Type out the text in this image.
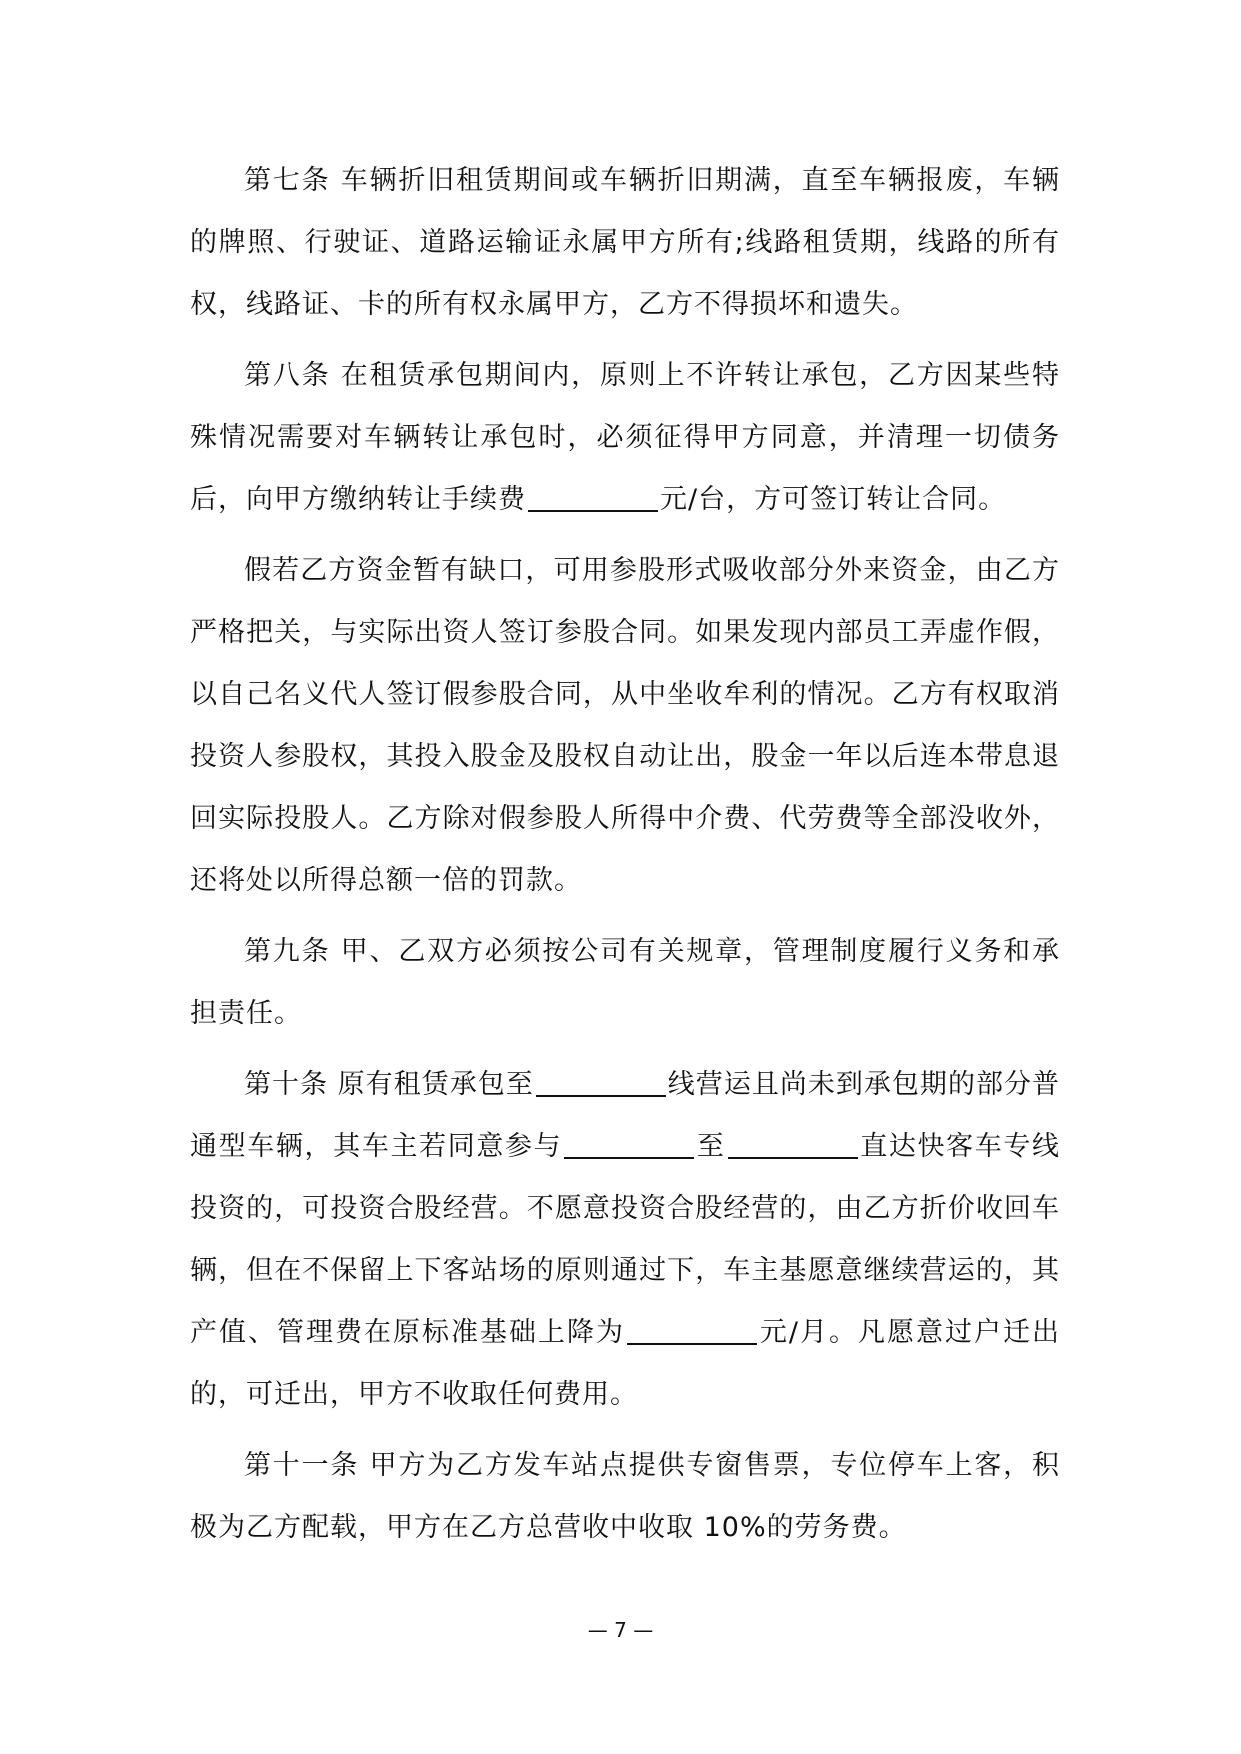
第七条 车辆折旧租赁期间或车辆折旧期满，直至车辆报废，车辆的牌照、行驶证、道路运输证永属甲方所有;线路租赁期，线路的所有权，线路证、卡的所有权永属甲方，乙方不得损坏和遗失。

第八条 在租赁承包期间内，原则上不许转让承包，乙方因某些特殊情况需要对车辆转让承包时，必须征得甲方同意，并清理一切债务后，向甲方缴纳转让手续费	元/台，方可签订转让合同。

假若乙方资金暂有缺口，可用参股形式吸收部分外来资金，由乙方严格把关，与实际出资人签订参股合同。如果发现内部员工弄虚作假，以自己名义代人签订假参股合同，从中坐收牟利的情况。乙方有权取消投资人参股权，其投入股金及股权自动让出，股金一年以后连本带息退回实际投股人。乙方除对假参股人所得中介费、代劳费等全部没收外，还将处以所得总额一倍的罚款。

第九条 甲、乙双方必须按公司有关规章，管理制度履行义务和承担责任。

第十条 原有租赁承包至	线营运且尚未到承包期的部分普通型车辆，其车主若同意参与	至	直达快客车专线投资的，可投资合股经营。不愿意投资合股经营的，由乙方折价收回车辆，但在不保留上下客站场的原则通过下，车主基愿意继续营运的，其产值、管理费在原标准基础上降为	元/月。凡愿意过户迁出的，可迁出，甲方不收取任何费用。

第十一条 甲方为乙方发车站点提供专窗售票，专位停车上客，积极为乙方配载，甲方在乙方总营收中收取 10%的劳务费。

— 7 —
